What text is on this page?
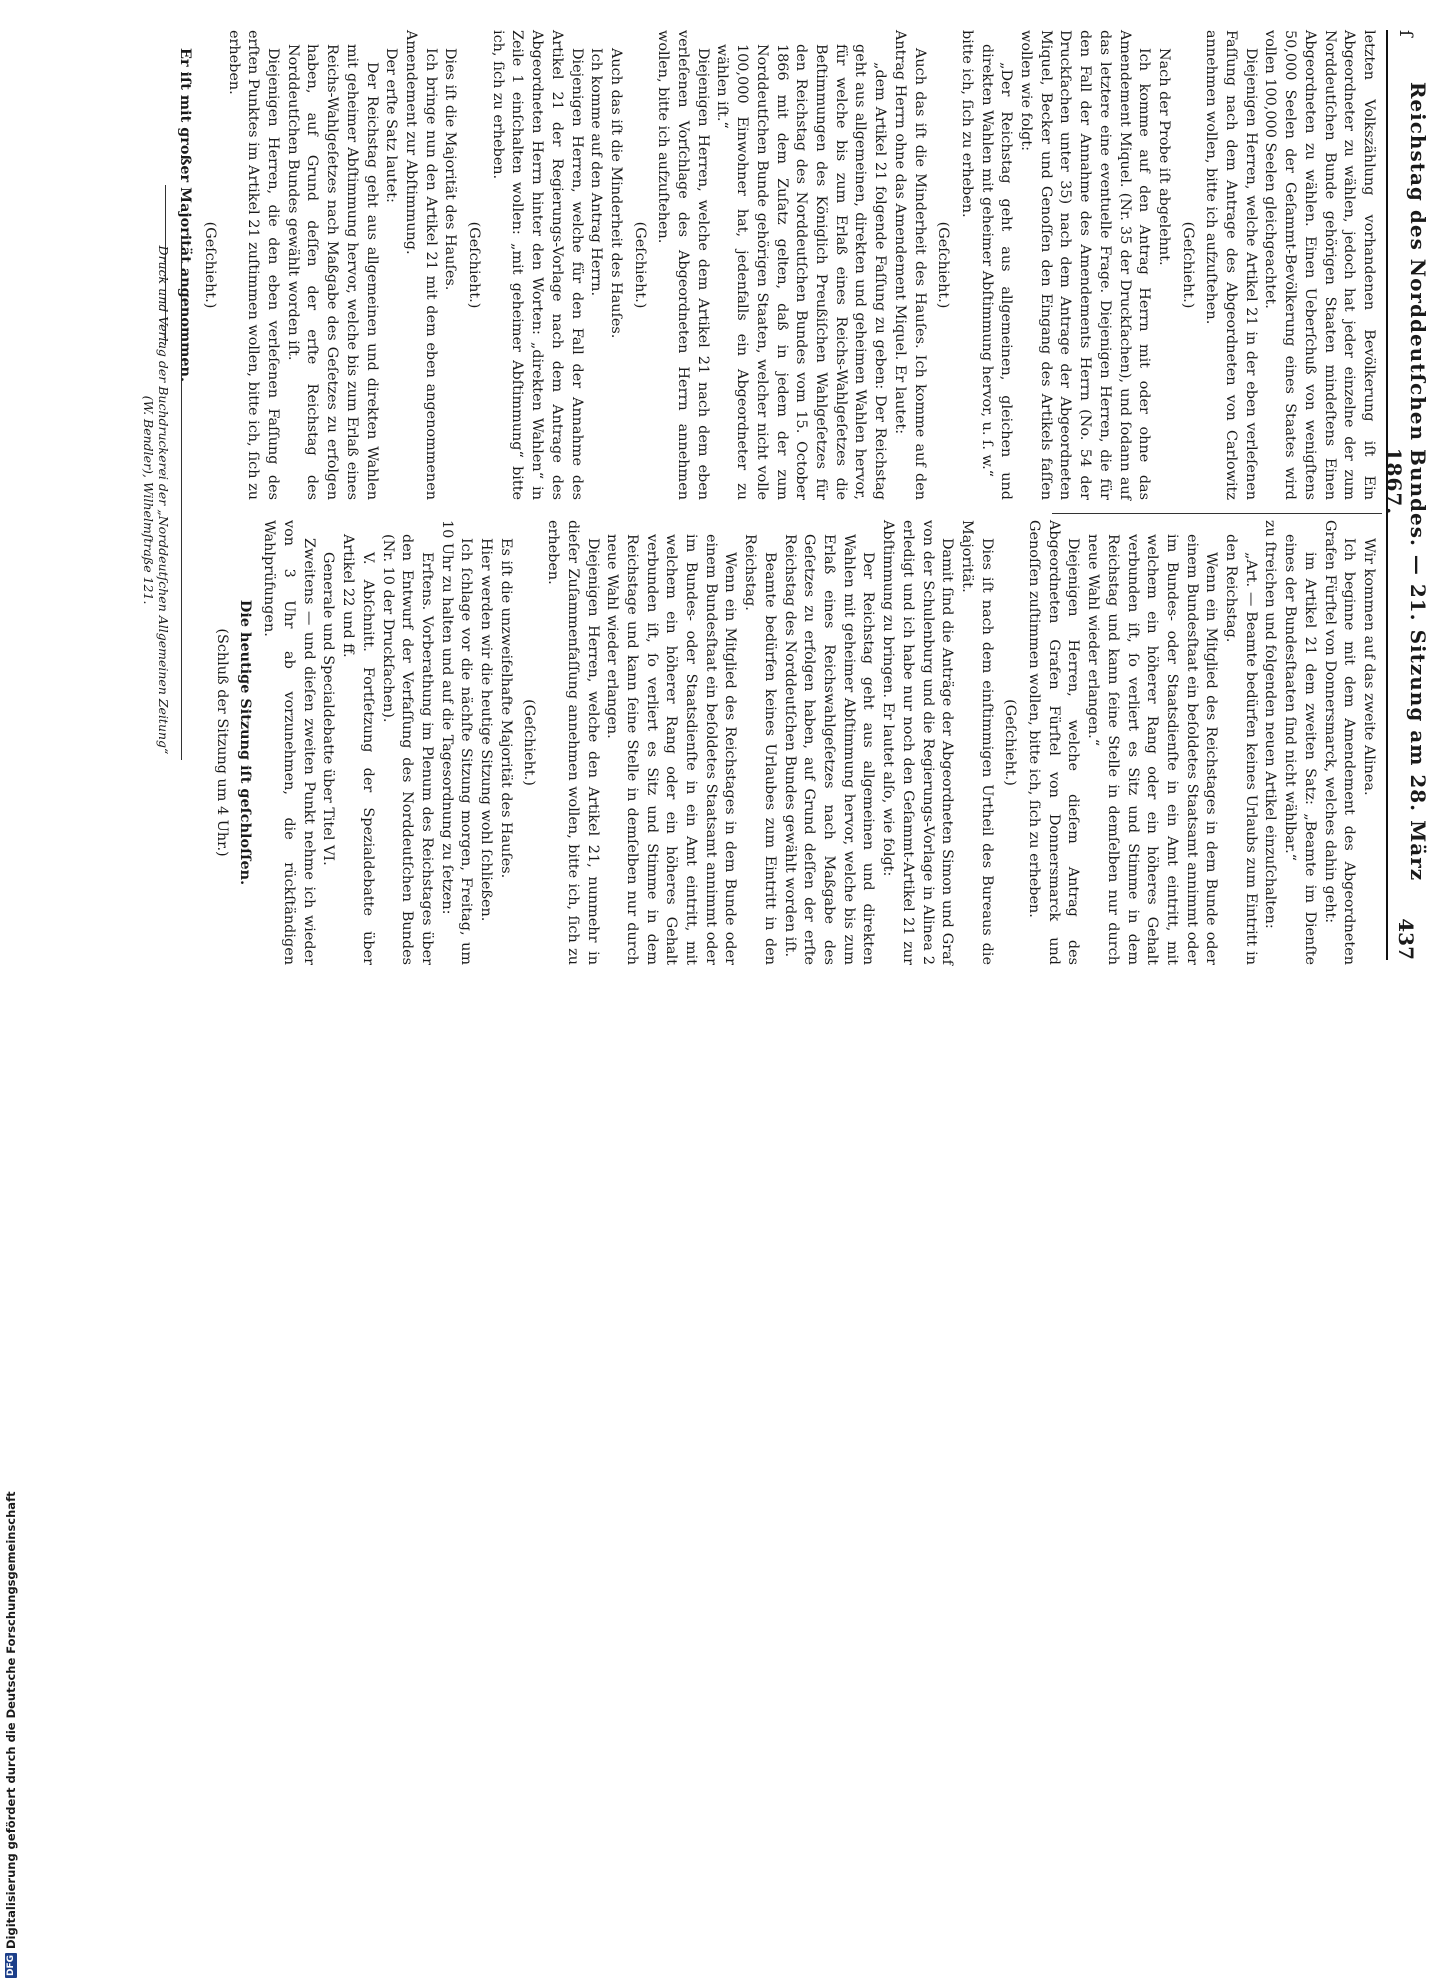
ſ
Reichstag des Norddeutſchen Bundes. — 21. Sitzung am 28. März 1867.
437

letzten Volkszählung vorhandenen Bevölkerung iſt Ein Abgeordneter zu wählen, jedoch hat jeder einzelne der zum Norddeutſchen Bunde gehörigen Staaten mindeſtens Einen Abgeordneten zu wählen. Einen Ueberſchuß von wenigſtens 50,000 Seelen der Geſammt-Bevölkerung eines Staates wird vollen 100,000 Seelen gleichgeachtet.

Diejenigen Herren, welche Artikel 21 in der eben verleſenen Faſſung nach dem Antrage des Abgeordneten von Carlowitz annehmen wollen, bitte ich aufzuſtehen.

(Geſchieht.)

Nach der Probe iſt abgelehnt.

Ich komme auf den Antrag Herrn mit oder ohne das Amendement Miquel. (Nr. 35 der Druckſachen), und ſodann auf das letztere eine eventuelle Frage. Diejenigen Herren, die für den Fall der Annahme des Amendements Herrn (No. 54 der Druckſachen unter 35) nach dem Antrage der Abgeordneten Miquel, Becker und Genoſſen den Eingang des Artikels faſſen wollen wie folgt:

„Der Reichstag geht aus allgemeinen, gleichen und direkten Wahlen mit geheimer Abſtimmung hervor, u. ſ. w.“

bitte ich, ſich zu erheben.

(Geſchieht.)

Auch das iſt die Minderheit des Hauſes. Ich komme auf den Antrag Herrn ohne das Amendement Miquel. Er lautet:

„dem Artikel 21 folgende Faſſung zu geben: Der Reichstag geht aus allgemeinen, direkten und geheimen Wahlen hervor, für welche bis zum Erlaß eines Reichs-Wahlgeſetzes die Beſtimmungen des Königlich Preußiſchen Wahlgeſetzes für den Reichstag des Norddeutſchen Bundes vom 15. October 1866 mit dem Zuſatz gelten, daß in jedem der zum Norddeutſchen Bunde gehörigen Staaten, welcher nicht volle 100,000 Einwohner hat, jedenfalls ein Abgeordneter zu wählen iſt.“

Diejenigen Herren, welche dem Artikel 21 nach dem eben verleſenen Vorſchlage des Abgeordneten Herrn annehmen wollen, bitte ich aufzuſtehen.

(Geſchieht.)

Auch das iſt die Minderheit des Hauſes.

Ich komme auf den Antrag Herrn.

Diejenigen Herren, welche für den Fall der Annahme des Artikel 21 der Regierungs-Vorlage nach dem Antrage des Abgeordneten Herrn hinter den Worten: „direkten Wahlen“ in Zeile 1 einſchalten wollen: „mit geheimer Abſtimmung“ bitte ich, ſich zu erheben.

(Geſchieht.)

Dies iſt die Majorität des Hauſes.

Ich bringe nun den Artikel 21 mit dem eben angenommenen Amendement zur Abſtimmung.

Der erſte Satz lautet:

Der Reichstag geht aus allgemeinen und direkten Wahlen mit geheimer Abſtimmung hervor, welche bis zum Erlaß eines Reichs-Wahlgeſetzes nach Maßgabe des Geſetzes zu erfolgen haben, auf Grund deſſen der erſte Reichstag des Norddeutſchen Bundes gewählt worden iſt.

Diejenigen Herren, die den eben verleſenen Faſſung des erſten Punktes im Artikel 21 zuſtimmen wollen, bitte ich, ſich zu erheben.

(Geſchieht.)

Er iſt mit großer Majorität angenommen.

Wir kommen auf das zweite Alinea.

Ich beginne mit dem Amendement des Abgeordneten Grafen Fürſtel von Donnersmarck, welches dahin geht:

im Artikel 21 dem zweiten Satz: „Beamte im Dienſte eines der Bundesſtaaten ſind nicht wählbar.“

zu ſtreichen und folgenden neuen Artikel einzuſchalten:

„Art. — Beamte bedürfen keines Urlaubs zum Eintritt in den Reichstag.

Wenn ein Mitglied des Reichstages in dem Bunde oder einem Bundesſtaat ein beſoldetes Staatsamt annimmt oder im Bundes- oder Staatsdienſte in ein Amt eintritt, mit welchem ein höherer Rang oder ein höheres Gehalt verbunden iſt, ſo verliert es Sitz und Stimme in dem Reichstag und kann ſeine Stelle in demſelben nur durch neue Wahl wieder erlangen.“

Diejenigen Herren, welche dieſem Antrag des Abgeordneten Grafen Fürſtel von Donnersmarck und Genoſſen zuſtimmen wollen, bitte ich, ſich zu erheben.

(Geſchieht.)

Dies iſt nach dem einſtimmigen Urtheil des Bureaus die Majorität.

Damit ſind die Anträge der Abgeordneten Simon und Graf von der Schulenburg und die Regierungs-Vorlage in Alinea 2 erledigt und ich habe nur noch den Geſammt-Artikel 21 zur Abſtimmung zu bringen. Er lautet alſo, wie folgt:

Der Reichstag geht aus allgemeinen und direkten Wahlen mit geheimer Abſtimmung hervor, welche bis zum Erlaß eines Reichswahlgeſetzes nach Maßgabe des Geſetzes zu erfolgen haben, auf Grund deſſen der erſte Reichstag des Norddeutſchen Bundes gewählt worden iſt.

Beamte bedürfen keines Urlaubes zum Eintritt in den Reichstag.

Wenn ein Mitglied des Reichstages in dem Bunde oder einem Bundesſtaat ein beſoldetes Staatsamt annimmt oder im Bundes- oder Staatsdienſte in ein Amt eintritt, mit welchem ein höherer Rang oder ein höheres Gehalt verbunden iſt, ſo verliert es Sitz und Stimme in dem Reichstage und kann ſeine Stelle in demſelben nur durch neue Wahl wieder erlangen.

Diejenigen Herren, welche den Artikel 21, nunmehr in dieſer Zuſammenfaſſung annehmen wollen, bitte ich, ſich zu erheben.

(Geſchieht.)

Es iſt die unzweifelhafte Majorität des Hauſes.

Hier werden wir die heutige Sitzung wohl ſchließen.

Ich ſchlage vor die nächſte Sitzung morgen, Freitag, um 10 Uhr zu halten und auf die Tagesordnung zu ſetzen:

Erſtens. Vorberathung im Plenum des Reichstages über den Entwurf der Verfaſſung des Norddeutſchen Bundes (Nr. 10 der Druckſachen).

V. Abſchnitt. Fortſetzung der Spezialdebatte über Artikel 22 und ff.

Generale und Specialdebatte über Titel VI.

Zweitens — und dieſen zweiten Punkt nehme ich wieder von 3 Uhr ab vorzunehmen, die rückſtändigen Wahlprüfungen.

Die heutige Sitzung iſt geſchloſſen.

(Schluß der Sitzung um 4 Uhr.)

Druck und Verlag der Buchdruckerei der „Norddeutſchen Allgemeinen Zeitung“
(W. Bendler), Wilhelmſtraße 121.
DFG
Digitalisierung gefördert durch die Deutsche Forschungsgemeinschaft
